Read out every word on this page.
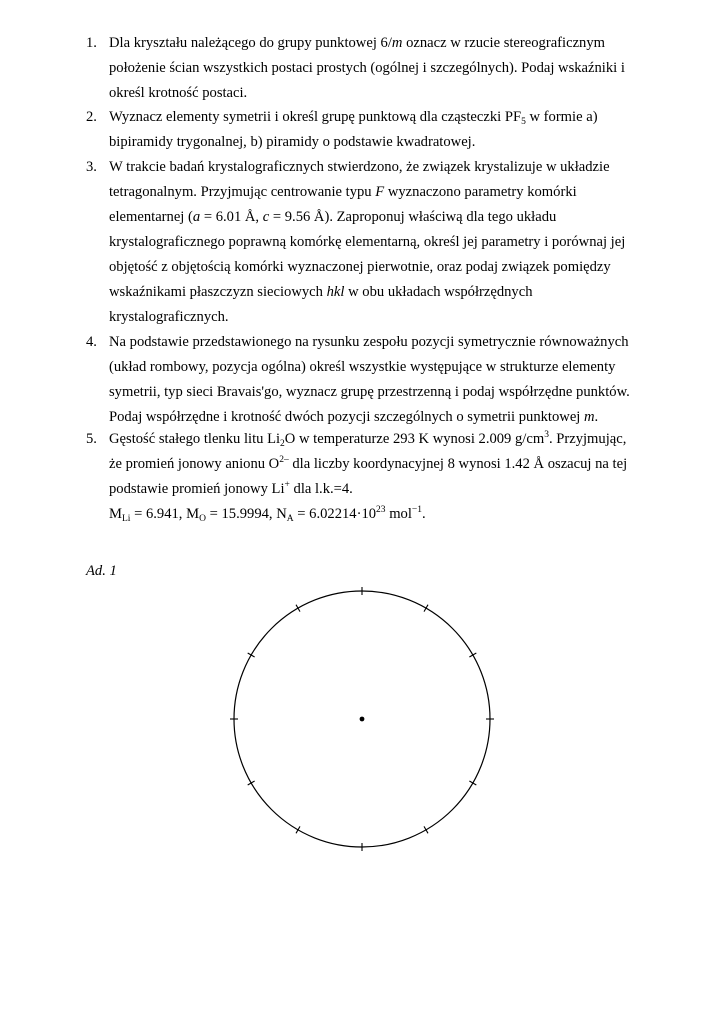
1. Dla kryształu należącego do grupy punktowej 6/m oznacz w rzucie stereograficznym
położenie ścian wszystkich postaci prostych (ogólnej i szczególnych). Podaj wskaźniki i
określ krotność postaci.
2. Wyznacz elementy symetrii i określ grupę punktową dla cząsteczki $PF_5$ w formie a)
bipiramidy trygonalnej, b) piramidy o podstawie kwadratowej.
3. W trakcie badań krystalograficznych stwierdzono, że związek krystalizuje w układzie
tetragonalnym. Przyjmując centrowanie typu F wyznaczono parametry komórki
elementarnej (a = 6.01 Å, c = 9.56 Å). Zaproponuj właściwą dla tego układu
krystalograficznego poprawną komórkę elementarną, określ jej parametry i porównaj jej
objętość z objętością komórki wyznaczonej pierwotnie, oraz podaj związek pomiędzy
wskaźnikami płaszczyzn sieciowych hkl w obu układach współrzędnych
krystalograficznych.
4. Na podstawie przedstawionego na rysunku zespołu pozycji symetrycznie równoważnych
(układ rombowy, pozycja ogólna) określ wszystkie występujące w strukturze elementy
symetrii, typ sieci Bravais'go, wyznacz grupę przestrzenną i podaj współrzędne punktów.
Podaj współrzędne i krotność dwóch pozycji szczególnych o symetrii punktowej m.
5. Gęstość stałego tlenku litu $Li_2O$ w temperaturze 293 K wynosi 2.009 $g/cm^3$. Przyjmując,
że promień jonowy anionu $O^{2-}$ dla liczby koordynacyjnej 8 wynosi 1.42 Å oszacuj na tej
podstawie promień jonowy Li+ dla l.k.=4.
$M_{Li} = 6.941$, $M_O = 15.9994$, $N_A = 6.02214\cdot 10^{23}$ mol$^{-1}$.
Ad. 1
